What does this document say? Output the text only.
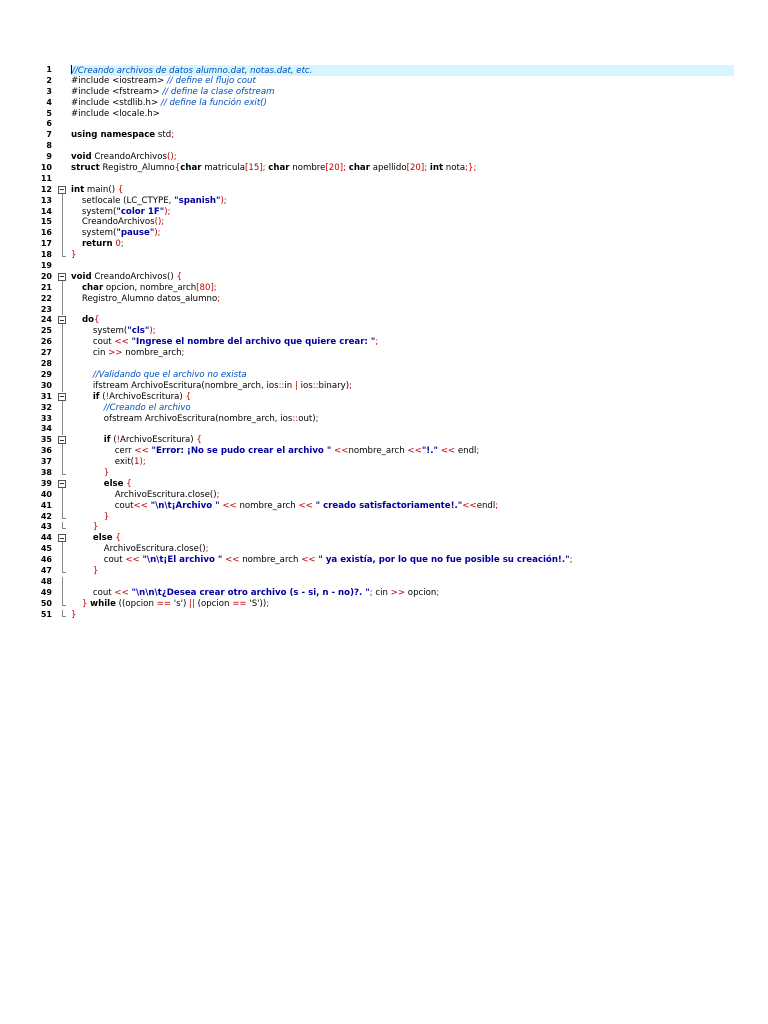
1 //Creando archivos de datos alumno.dat, notas.dat, etc.
2 #include <iostream> // define el flujo cout
3 #include <fstream> // define la clase ofstream
4 #include <stdlib.h> // define la función exit()
5 #include <locale.h>
6
7 using namespace std;
8
9 void CreandoArchivos();
10 struct Registro_Alumno{char matricula[15]; char nombre[20]; char apellido[20]; int nota;};
11
12 int main() {
13 setlocale (LC_CTYPE, "spanish");
14 system("color 1F");
15 CreandoArchivos();
16 system("pause");
17	return 0;
18 }
19
20 void CreandoArchivos() {
21	char opcion, nombre_arch[80];
22 Registro_Alumno datos_alumno;
23
24	do{
25 system("cls");
26 cout << "Ingrese el nombre del archivo que quiere crear: ";
27 cin >> nombre_arch;
28
29	//Validando que el archivo no exista
30 ifstream ArchivoEscritura(nombre_arch, ios::in | ios::binary);
31	if (!ArchivoEscritura) {
32	//Creando el archivo
33 ofstream ArchivoEscritura(nombre_arch, ios::out);
34
35	if (!ArchivoEscritura) {
36 cerr << "Error: ¡No se pudo crear el archivo " <<nombre_arch <<"!." << endl;
37 exit(1);
38	}
39	else {
40 ArchivoEscritura.close();
41 cout<< "\n\t¡Archivo " << nombre_arch << " creado satisfactoriamente!."<<endl;
42	}
43	}
44	else {
45 ArchivoEscritura.close();
46 cout << "\n\t¡El archivo " << nombre_arch << " ya existía, por lo que no fue posible su creación!.";
47	}
48
49 cout << "\n\n\t¿Desea crear otro archivo (s - si, n - no)?. "; cin >> opcion;
50	} while ((opcion == 's') || (opcion == 'S'));
51 }
